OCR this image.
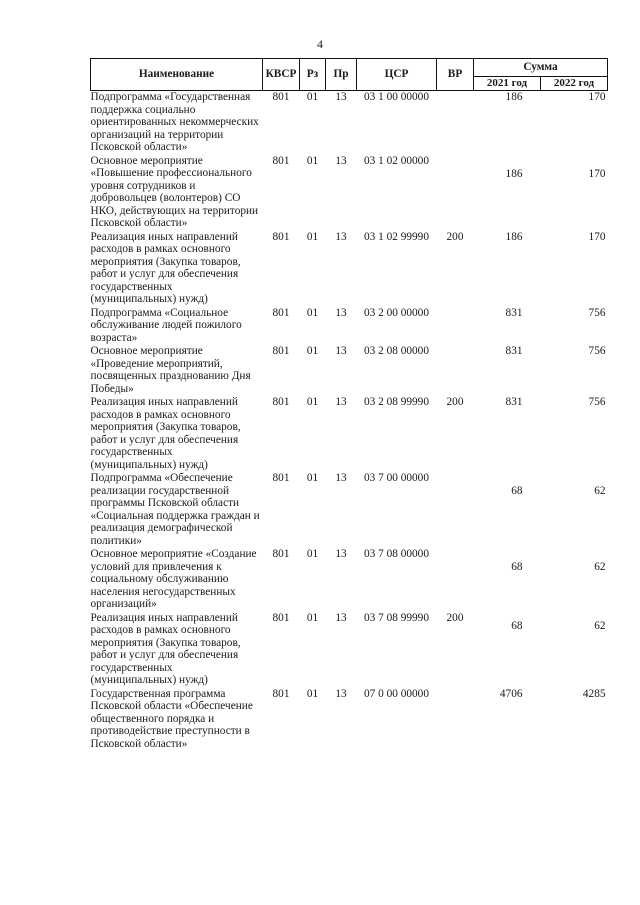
4
Наименование	КВСР	Рз	Пр	ЦСР	ВР	Сумма	
						2021 год	2022 год
Подпрограмма «Государственная поддержка социально ориентированных некоммерческих организаций на территории Псковской области»	801	01	13	03 1 00 00000		186	170
Основное мероприятие «Повышение профессионального уровня сотрудников и добровольцев (волонтеров) СО НКО, действующих на территории Псковской области»	801	01	13	03 1 02 00000		186	170
Реализация иных направлений расходов в рамках основного мероприятия (Закупка товаров, работ и услуг для обеспечения государственных (муниципальных) нужд)	801	01	13	03 1 02 99990	200	186	170
Подпрограмма «Социальное обслуживание людей пожилого возраста»	801	01	13	03 2 00 00000		831	756
Основное мероприятие «Проведение мероприятий, посвященных празднованию Дня Победы»	801	01	13	03 2 08 00000		831	756
Реализация иных направлений расходов в рамках основного мероприятия (Закупка товаров, работ и услуг для обеспечения государственных (муниципальных) нужд)	801	01	13	03 2 08 99990	200	831	756
Подпрограмма «Обеспечение реализации государственной программы Псковской области «Социальная поддержка граждан и реализация демографической политики»	801	01	13	03 7 00 00000		68	62
Основное мероприятие «Создание условий для привлечения к социальному обслуживанию населения негосударственных организаций»	801	01	13	03 7 08 00000		68	62
Реализация иных направлений расходов в рамках основного мероприятия (Закупка товаров, работ и услуг для обеспечения государственных (муниципальных) нужд)	801	01	13	03 7 08 99990	200	68	62
Государственная программа Псковской области «Обеспечение общественного порядка и противодействие преступности в Псковской области»	801	01	13	07 0 00 00000		4706	4285
